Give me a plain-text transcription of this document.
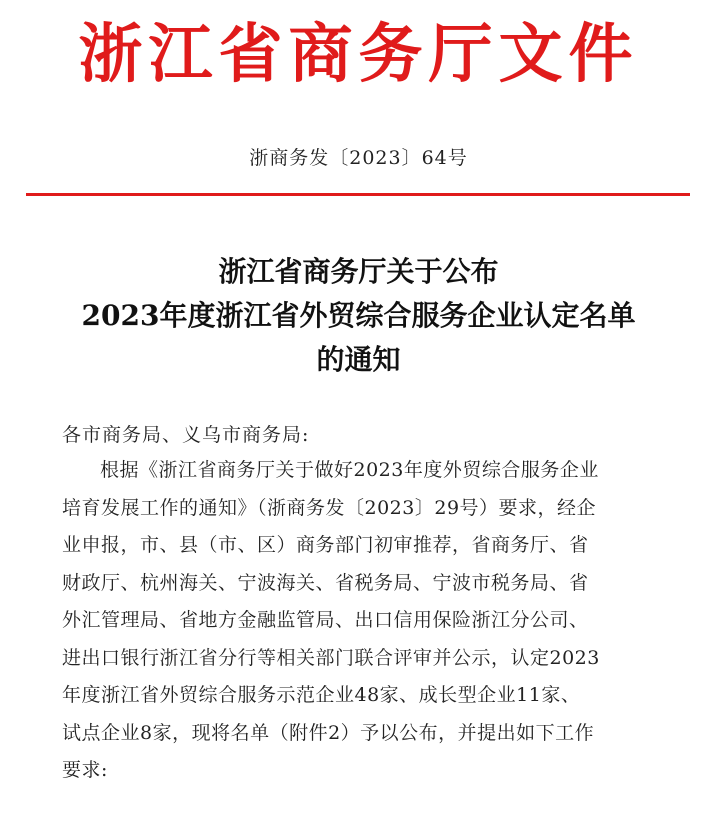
浙江省商务厅文件
浙商务发〔2023〕64号
浙江省商务厅关于公布
2023年度浙江省外贸综合服务企业认定名单
的通知
各市商务局、义乌市商务局:
根据《浙江省商务厅关于做好2023年度外贸综合服务企业
培育发展工作的通知》（浙商务发〔2023〕29号）要求，经企
业申报，市、县（市、区）商务部门初审推荐，省商务厅、省
财政厅、杭州海关、宁波海关、省税务局、宁波市税务局、省
外汇管理局、省地方金融监管局、出口信用保险浙江分公司、
进出口银行浙江省分行等相关部门联合评审并公示，认定2023
年度浙江省外贸综合服务示范企业48家、成长型企业11家、
试点企业8家，现将名单（附件2）予以公布，并提出如下工作
要求:
